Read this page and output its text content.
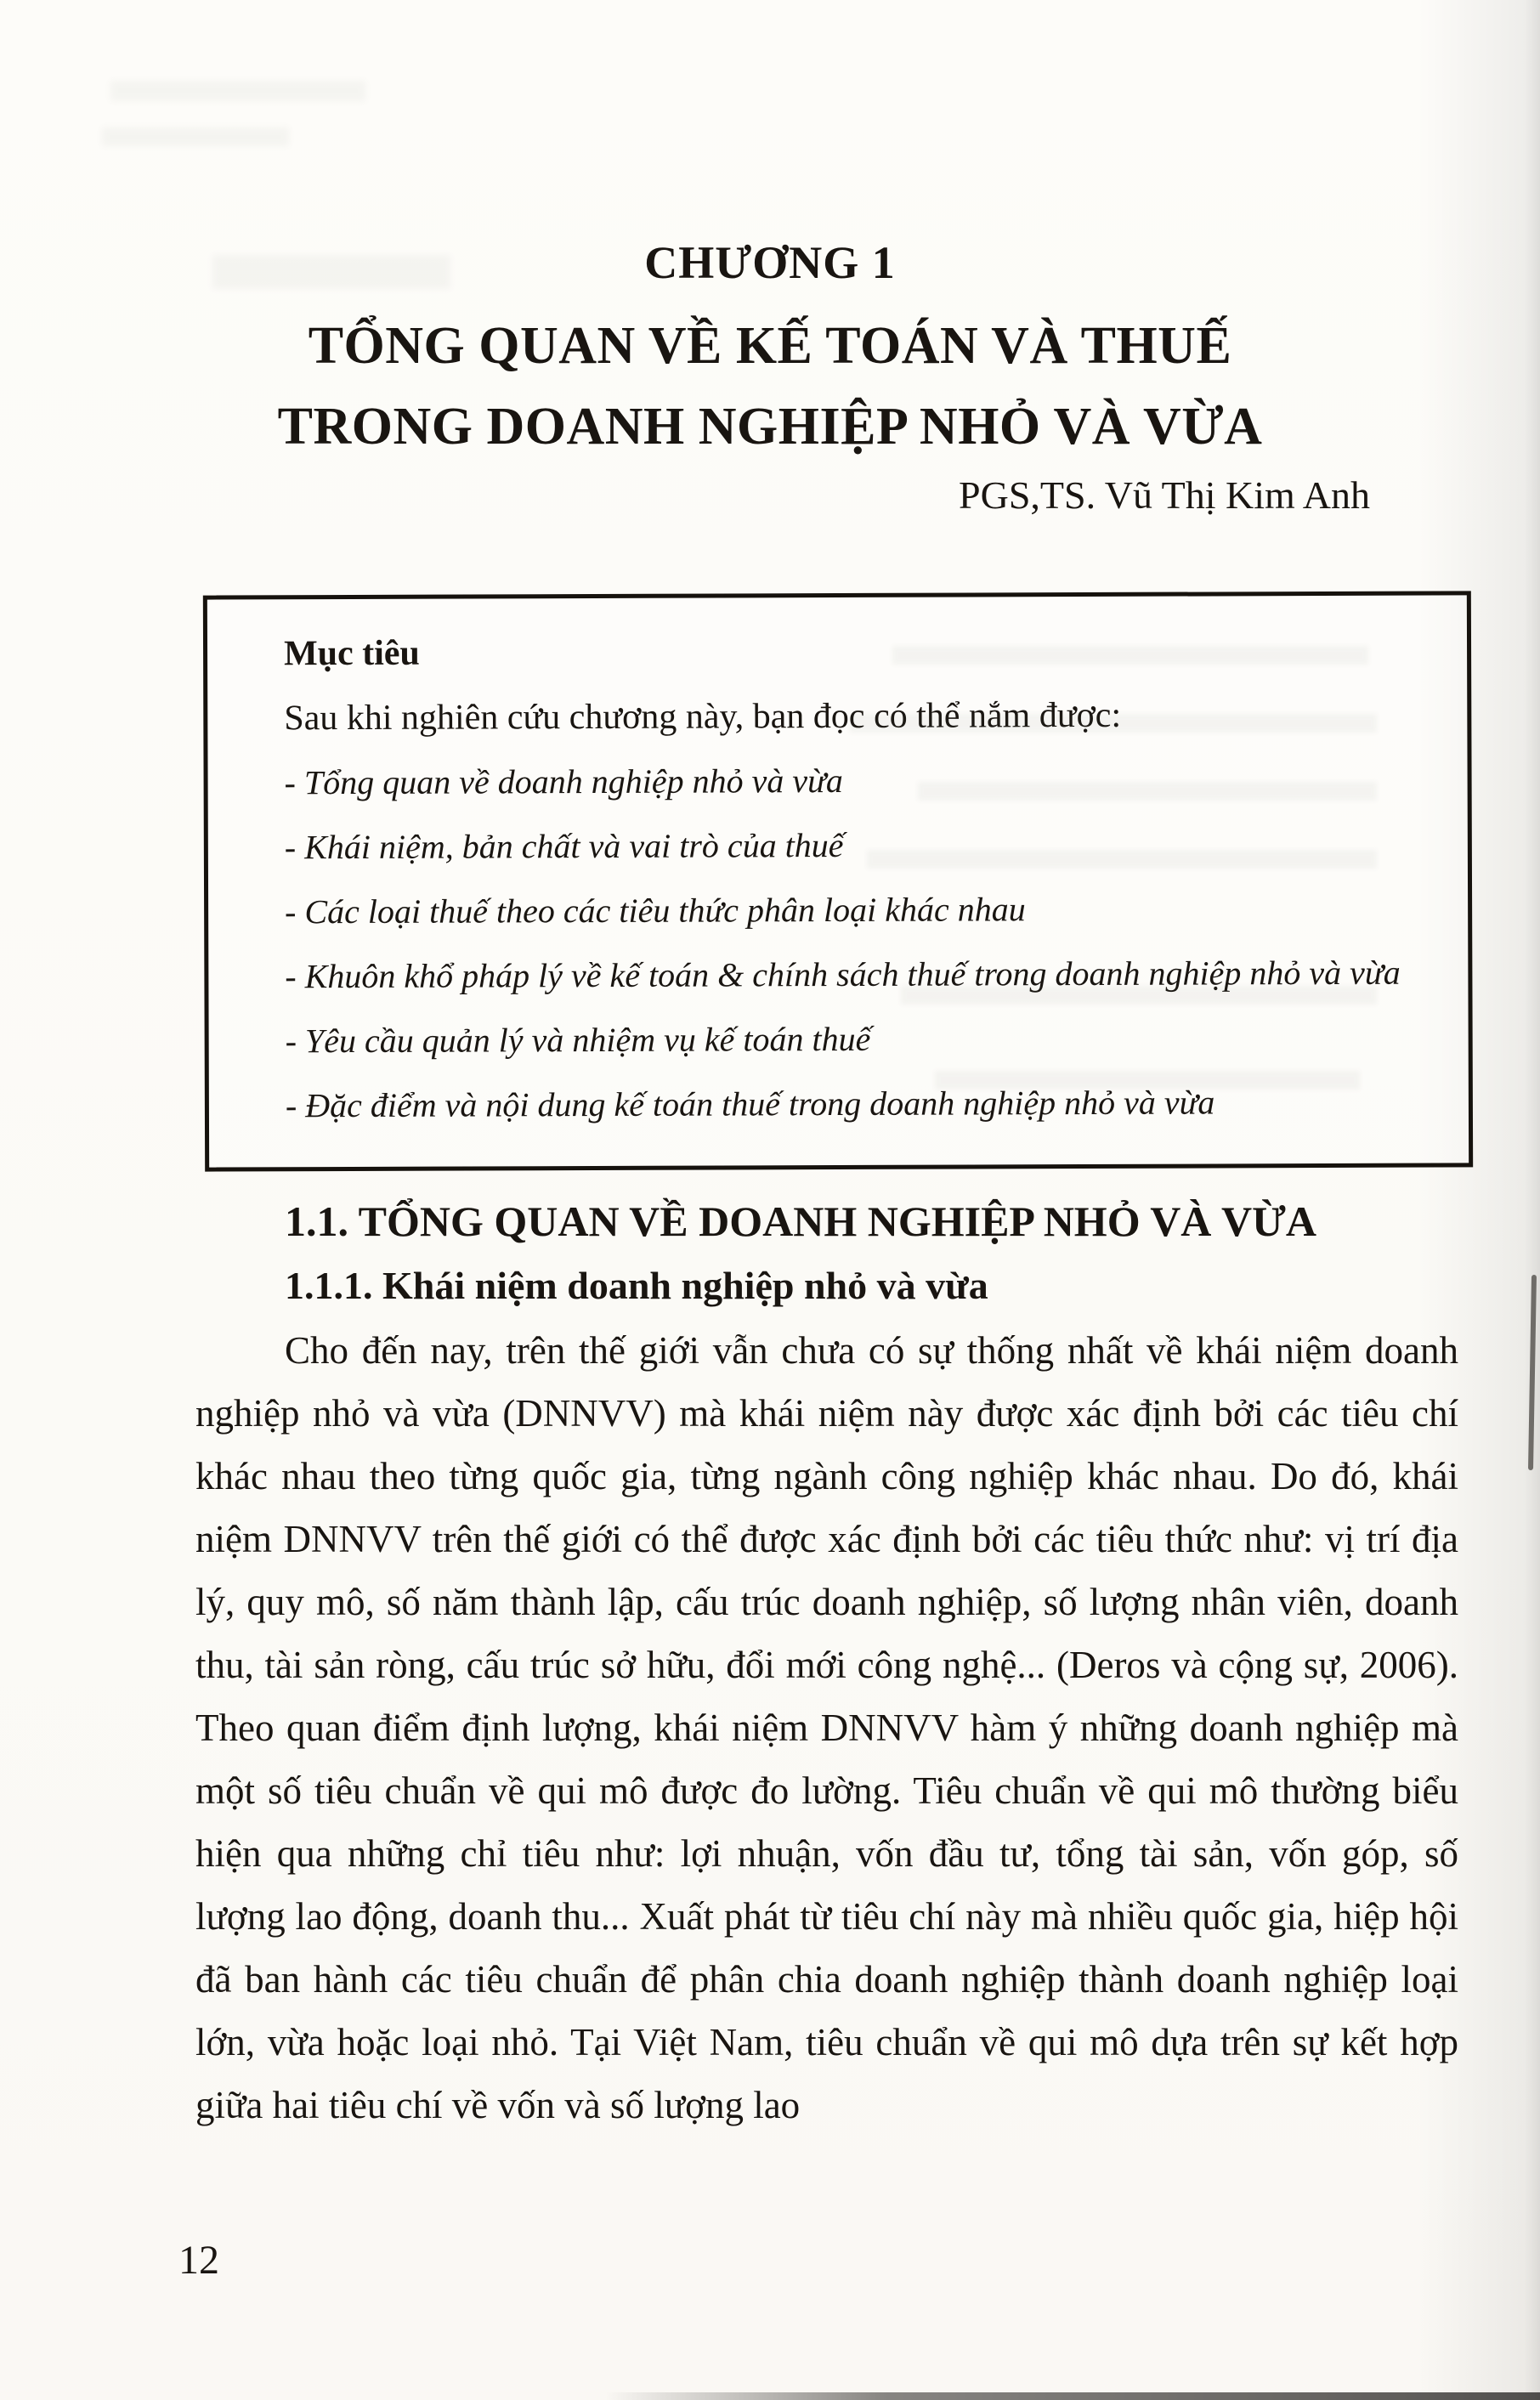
CHƯƠNG 1
TỔNG QUAN VỀ KẾ TOÁN VÀ THUẾ
TRONG DOANH NGHIỆP NHỎ VÀ VỪA
PGS,TS. Vũ Thị Kim Anh
Mục tiêu
Sau khi nghiên cứu chương này, bạn đọc có thể nắm được:
- Tổng quan về doanh nghiệp nhỏ và vừa
- Khái niệm, bản chất và vai trò của thuế
- Các loại thuế theo các tiêu thức phân loại khác nhau
- Khuôn khổ pháp lý về kế toán & chính sách thuế trong doanh nghiệp nhỏ và vừa
- Yêu cầu quản lý và nhiệm vụ kế toán thuế
- Đặc điểm và nội dung kế toán thuế trong doanh nghiệp nhỏ và vừa
1.1. TỔNG QUAN VỀ DOANH NGHIỆP NHỎ VÀ VỪA
1.1.1. Khái niệm doanh nghiệp nhỏ và vừa
Cho đến nay, trên thế giới vẫn chưa có sự thống nhất về khái niệm doanh nghiệp nhỏ và vừa (DNNVV) mà khái niệm này được xác định bởi các tiêu chí khác nhau theo từng quốc gia, từng ngành công nghiệp khác nhau. Do đó, khái niệm DNNVV trên thế giới có thể được xác định bởi các tiêu thức như: vị trí địa lý, quy mô, số năm thành lập, cấu trúc doanh nghiệp, số lượng nhân viên, doanh thu, tài sản ròng, cấu trúc sở hữu, đổi mới công nghệ... (Deros và cộng sự, 2006). Theo quan điểm định lượng, khái niệm DNNVV hàm ý những doanh nghiệp mà một số tiêu chuẩn về qui mô được đo lường. Tiêu chuẩn về qui mô thường biểu hiện qua những chỉ tiêu như: lợi nhuận, vốn đầu tư, tổng tài sản, vốn góp, số lượng lao động, doanh thu... Xuất phát từ tiêu chí này mà nhiều quốc gia, hiệp hội đã ban hành các tiêu chuẩn để phân chia doanh nghiệp thành doanh nghiệp loại lớn, vừa hoặc loại nhỏ. Tại Việt Nam, tiêu chuẩn về qui mô dựa trên sự kết hợp giữa hai tiêu chí về vốn và số lượng lao
12
